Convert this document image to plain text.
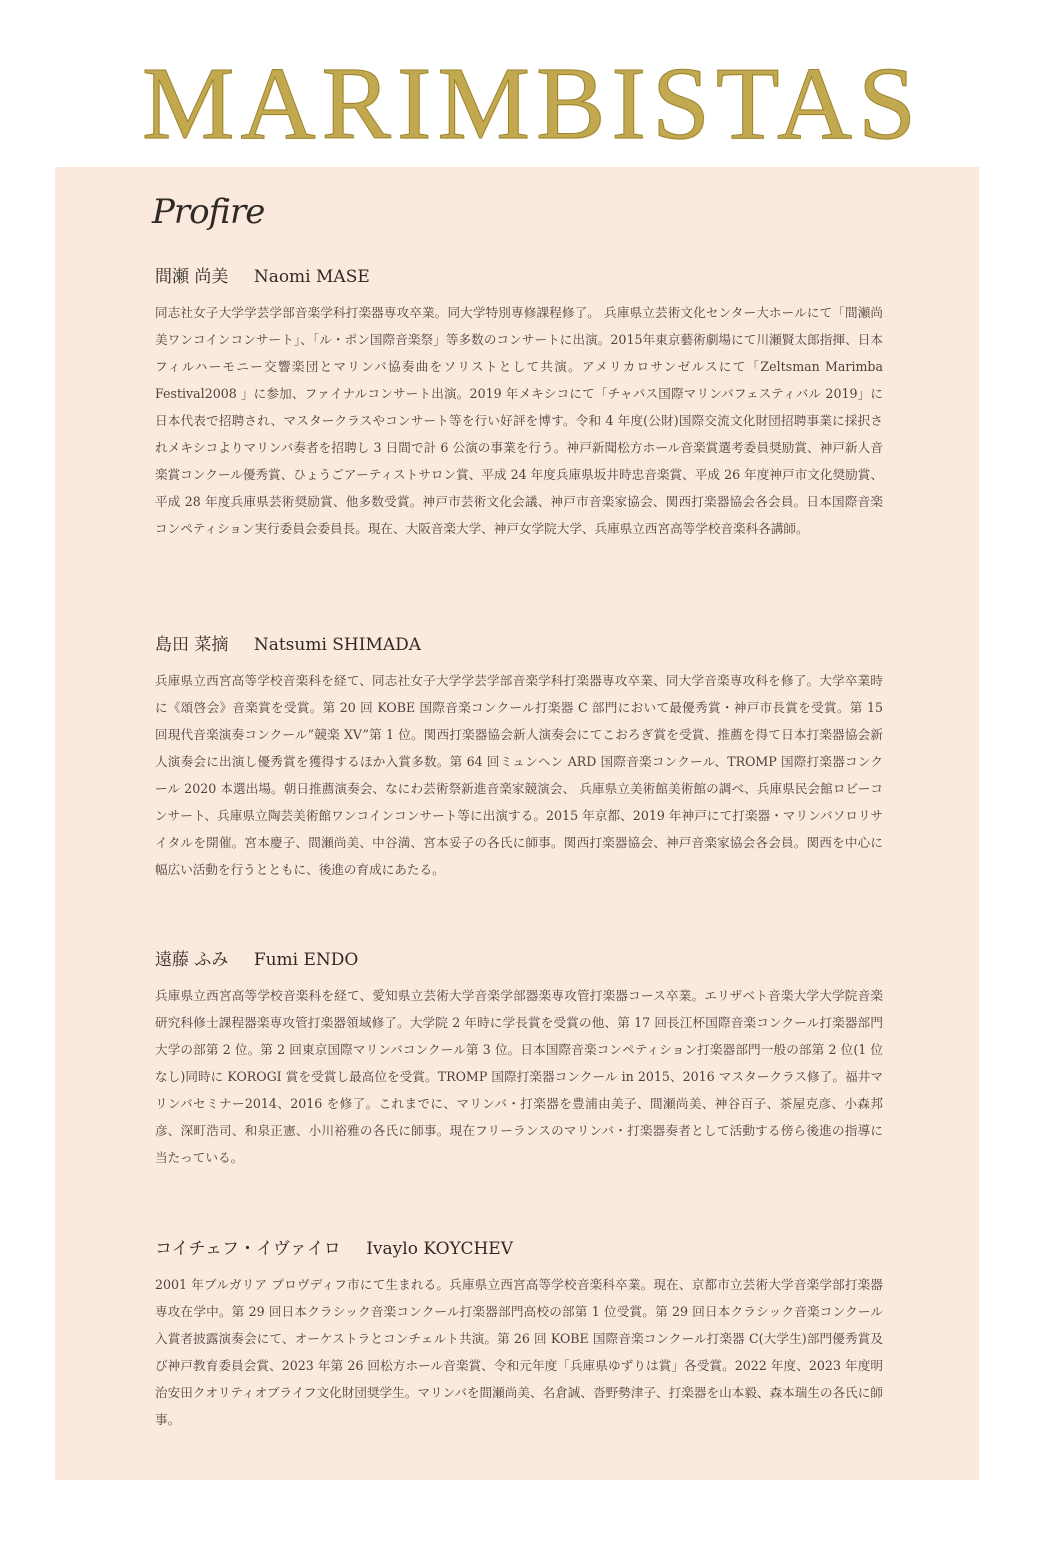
MARIMBISTAS
Profire
間瀬 尚美 Naomi MASE

同志社女子大学学芸学部音楽学科打楽器専攻卒業。同大学特別専修課程修了。 兵庫県立芸術文化センター大ホールにて「間瀬尚美ワンコインコンサート」、「ル・ポン国際音楽祭」等多数のコンサートに出演。2015年東京藝術劇場にて川瀬賢太郎指揮、日本フィルハーモニー交響楽団とマリンバ協奏曲をソリストとして共演。アメリカロサンゼルスにて「Zeltsman Marimba Festival2008 」に参加、ファイナルコンサート出演。2019 年メキシコにて「チャパス国際マリンバフェスティバル 2019」に日本代表で招聘され、マスタークラスやコンサート等を行い好評を博す。令和 4 年度(公財)国際交流文化財団招聘事業に採択されメキシコよりマリンバ奏者を招聘し 3 日間で計 6 公演の事業を行う。神戸新聞松方ホール音楽賞選考委員奨励賞、神戸新人音楽賞コンクール優秀賞、ひょうごアーティストサロン賞、平成 24 年度兵庫県坂井時忠音楽賞、平成 26 年度神戸市文化奨励賞、平成 28 年度兵庫県芸術奨励賞、他多数受賞。神戸市芸術文化会議、神戸市音楽家協会、関西打楽器協会各会員。日本国際音楽コンペティション実行委員会委員長。現在、大阪音楽大学、神戸女学院大学、兵庫県立西宮高等学校音楽科各講師。

島田 菜摘 Natsumi SHIMADA

兵庫県立西宮高等学校音楽科を経て、同志社女子大学学芸学部音楽学科打楽器専攻卒業、同大学音楽専攻科を修了。大学卒業時に《頌啓会》音楽賞を受賞。第 20 回 KOBE 国際音楽コンクール打楽器 C 部門において最優秀賞・神戸市長賞を受賞。第 15 回現代音楽演奏コンクール”競楽 XV”第 1 位。関西打楽器協会新人演奏会にてこおろぎ賞を受賞、推薦を得て日本打楽器協会新人演奏会に出演し優秀賞を獲得するほか入賞多数。第 64 回ミュンヘン ARD 国際音楽コンクール、TROMP 国際打楽器コンクール 2020 本選出場。朝日推薦演奏会、なにわ芸術祭新進音楽家競演会、 兵庫県立美術館美術館の調べ、兵庫県民会館ロビーコンサート、兵庫県立陶芸美術館ワンコインコンサート等に出演する。2015 年京都、2019 年神戸にて打楽器・マリンバソロリサイタルを開催。宮本慶子、間瀬尚美、中谷満、宮本妥子の各氏に師事。関西打楽器協会、神戸音楽家協会各会員。関西を中心に幅広い活動を行うとともに、後進の育成にあたる。

遠藤 ふみ Fumi ENDO

兵庫県立西宮高等学校音楽科を経て、愛知県立芸術大学音楽学部器楽専攻管打楽器コース卒業。エリザベト音楽大学大学院音楽研究科修士課程器楽専攻管打楽器領域修了。大学院 2 年時に学長賞を受賞の他、第 17 回長江杯国際音楽コンクール打楽器部門大学の部第 2 位。第 2 回東京国際マリンバコンクール第 3 位。日本国際音楽コンペティション打楽器部門一般の部第 2 位(1 位なし)同時に KOROGI 賞を受賞し最高位を受賞。TROMP 国際打楽器コンクール in 2015、2016 マスタークラス修了。福井マリンバセミナー2014、2016 を修了。これまでに、マリンバ・打楽器を豊浦由美子、間瀬尚美、神谷百子、茶屋克彦、小森邦彦、深町浩司、和泉正憲、小川裕雅の各氏に師事。現在フリーランスのマリンバ・打楽器奏者として活動する傍ら後進の指導に当たっている。

コイチェフ・イヴァイロ Ivaylo KOYCHEV

2001 年ブルガリア プロヴディフ市にて生まれる。兵庫県立西宮高等学校音楽科卒業。現在、京都市立芸術大学音楽学部打楽器専攻在学中。第 29 回日本クラシック音楽コンクール打楽器部門高校の部第 1 位受賞。第 29 回日本クラシック音楽コンクール入賞者披露演奏会にて、オーケストラとコンチェルト共演。第 26 回 KOBE 国際音楽コンクール打楽器 C(大学生)部門優秀賞及び神戸教育委員会賞、2023 年第 26 回松方ホール音楽賞、令和元年度「兵庫県ゆずりは賞」各受賞。2022 年度、2023 年度明治安田クオリティオブライフ文化財団奨学生。マリンバを間瀬尚美、名倉誠、沓野勢津子、打楽器を山本毅、森本瑞生の各氏に師事。
